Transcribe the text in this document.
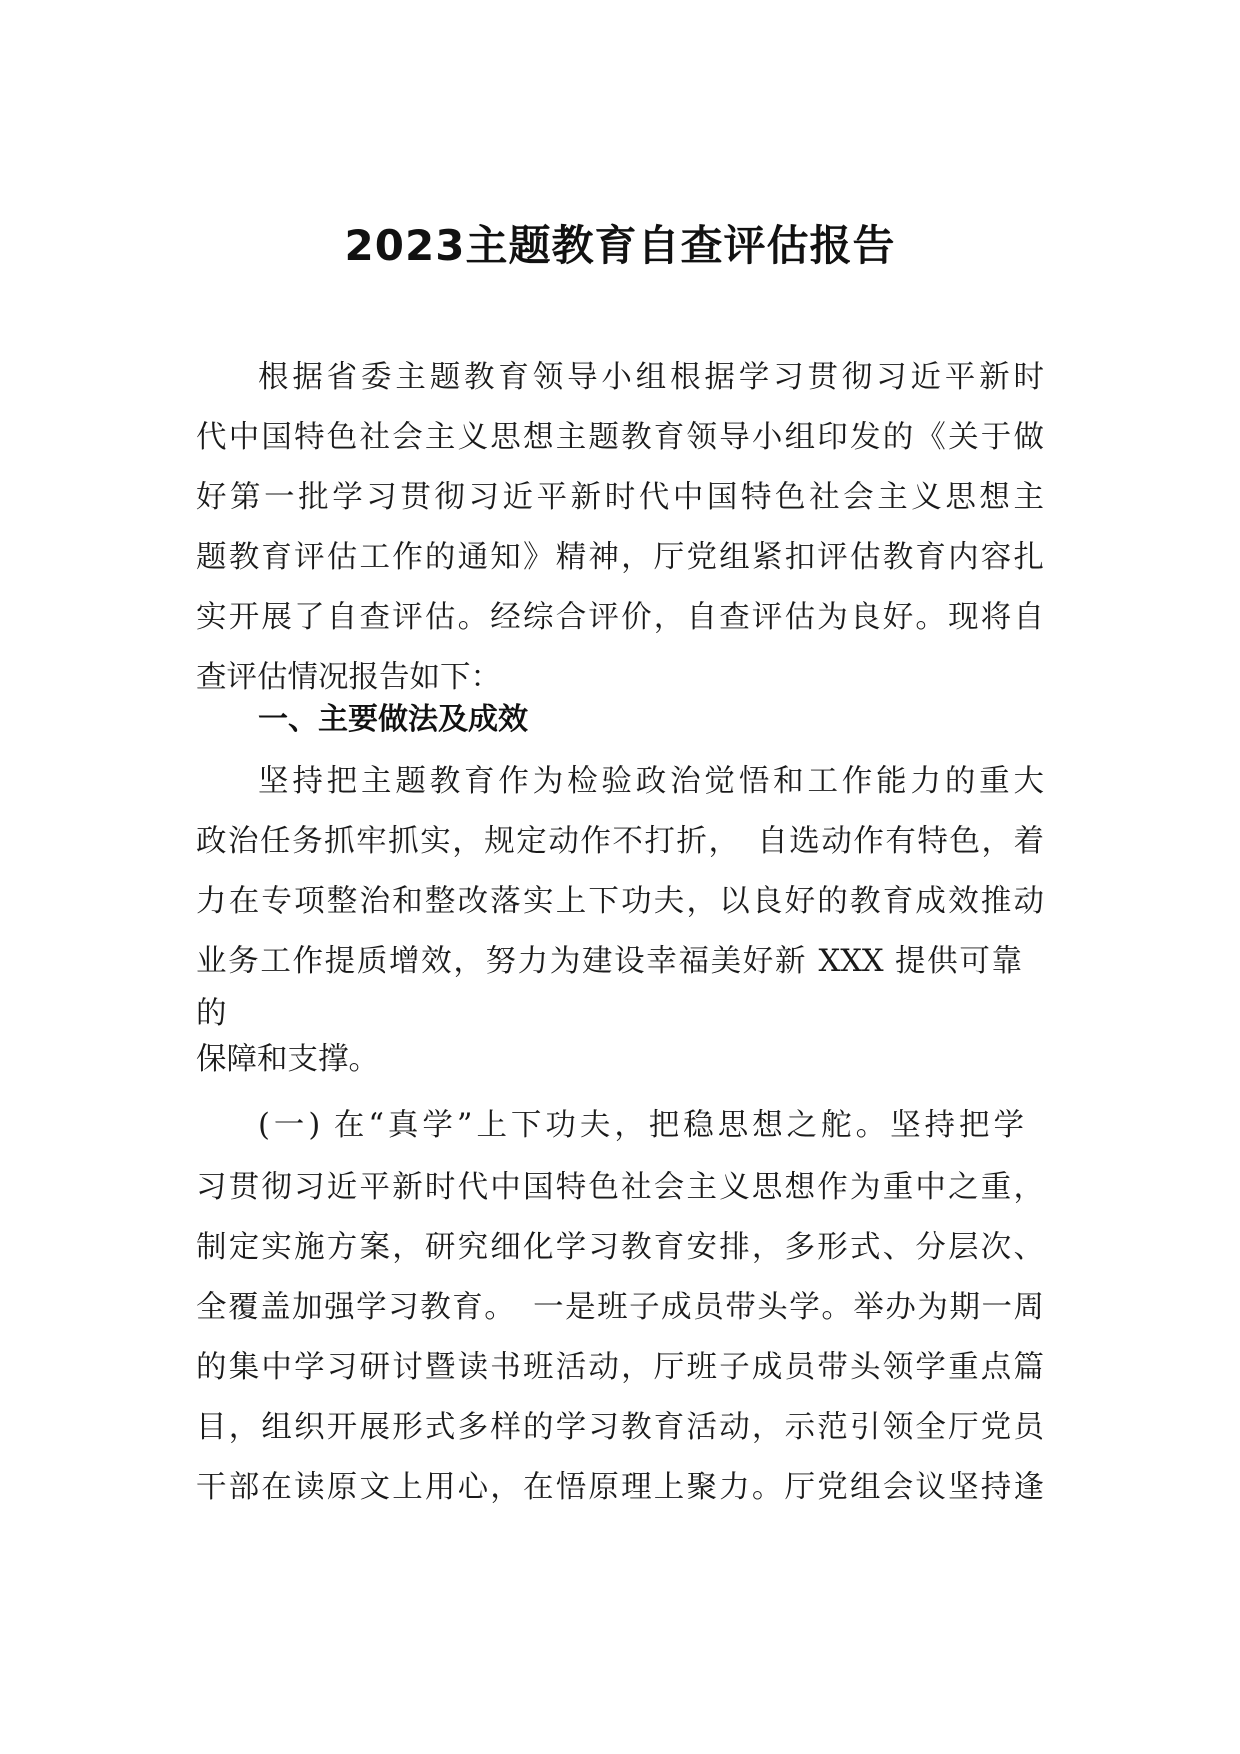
2023主题教育自查评估报告
根据省委主题教育领导小组根据学习贯彻习近平新时
代中国特色社会主义思想主题教育领导小组印发的《关于做
好第一批学习贯彻习近平新时代中国特色社会主义思想主
题教育评估工作的通知》精神，厅党组紧扣评估教育内容扎
实开展了自查评估。经综合评价，自查评估为良好。现将自
查评估情况报告如下：
一、主要做法及成效
坚持把主题教育作为检验政治觉悟和工作能力的重大
政治任务抓牢抓实，规定动作不打折，　自选动作有特色，着
力在专项整治和整改落实上下功夫，以良好的教育成效推动
业务工作提质增效，努力为建设幸福美好新 XXX 提供可靠
的
保障和支撑。
(一) 在“真学”上下功夫，把稳思想之舵。坚持把学
习贯彻习近平新时代中国特色社会主义思想作为重中之重，
制定实施方案，研究细化学习教育安排，多形式、分层次、
全覆盖加强学习教育。　一是班子成员带头学。举办为期一周
的集中学习研讨暨读书班活动，厅班子成员带头领学重点篇
目，组织开展形式多样的学习教育活动，示范引领全厅党员
干部在读原文上用心，在悟原理上聚力。厅党组会议坚持逢
